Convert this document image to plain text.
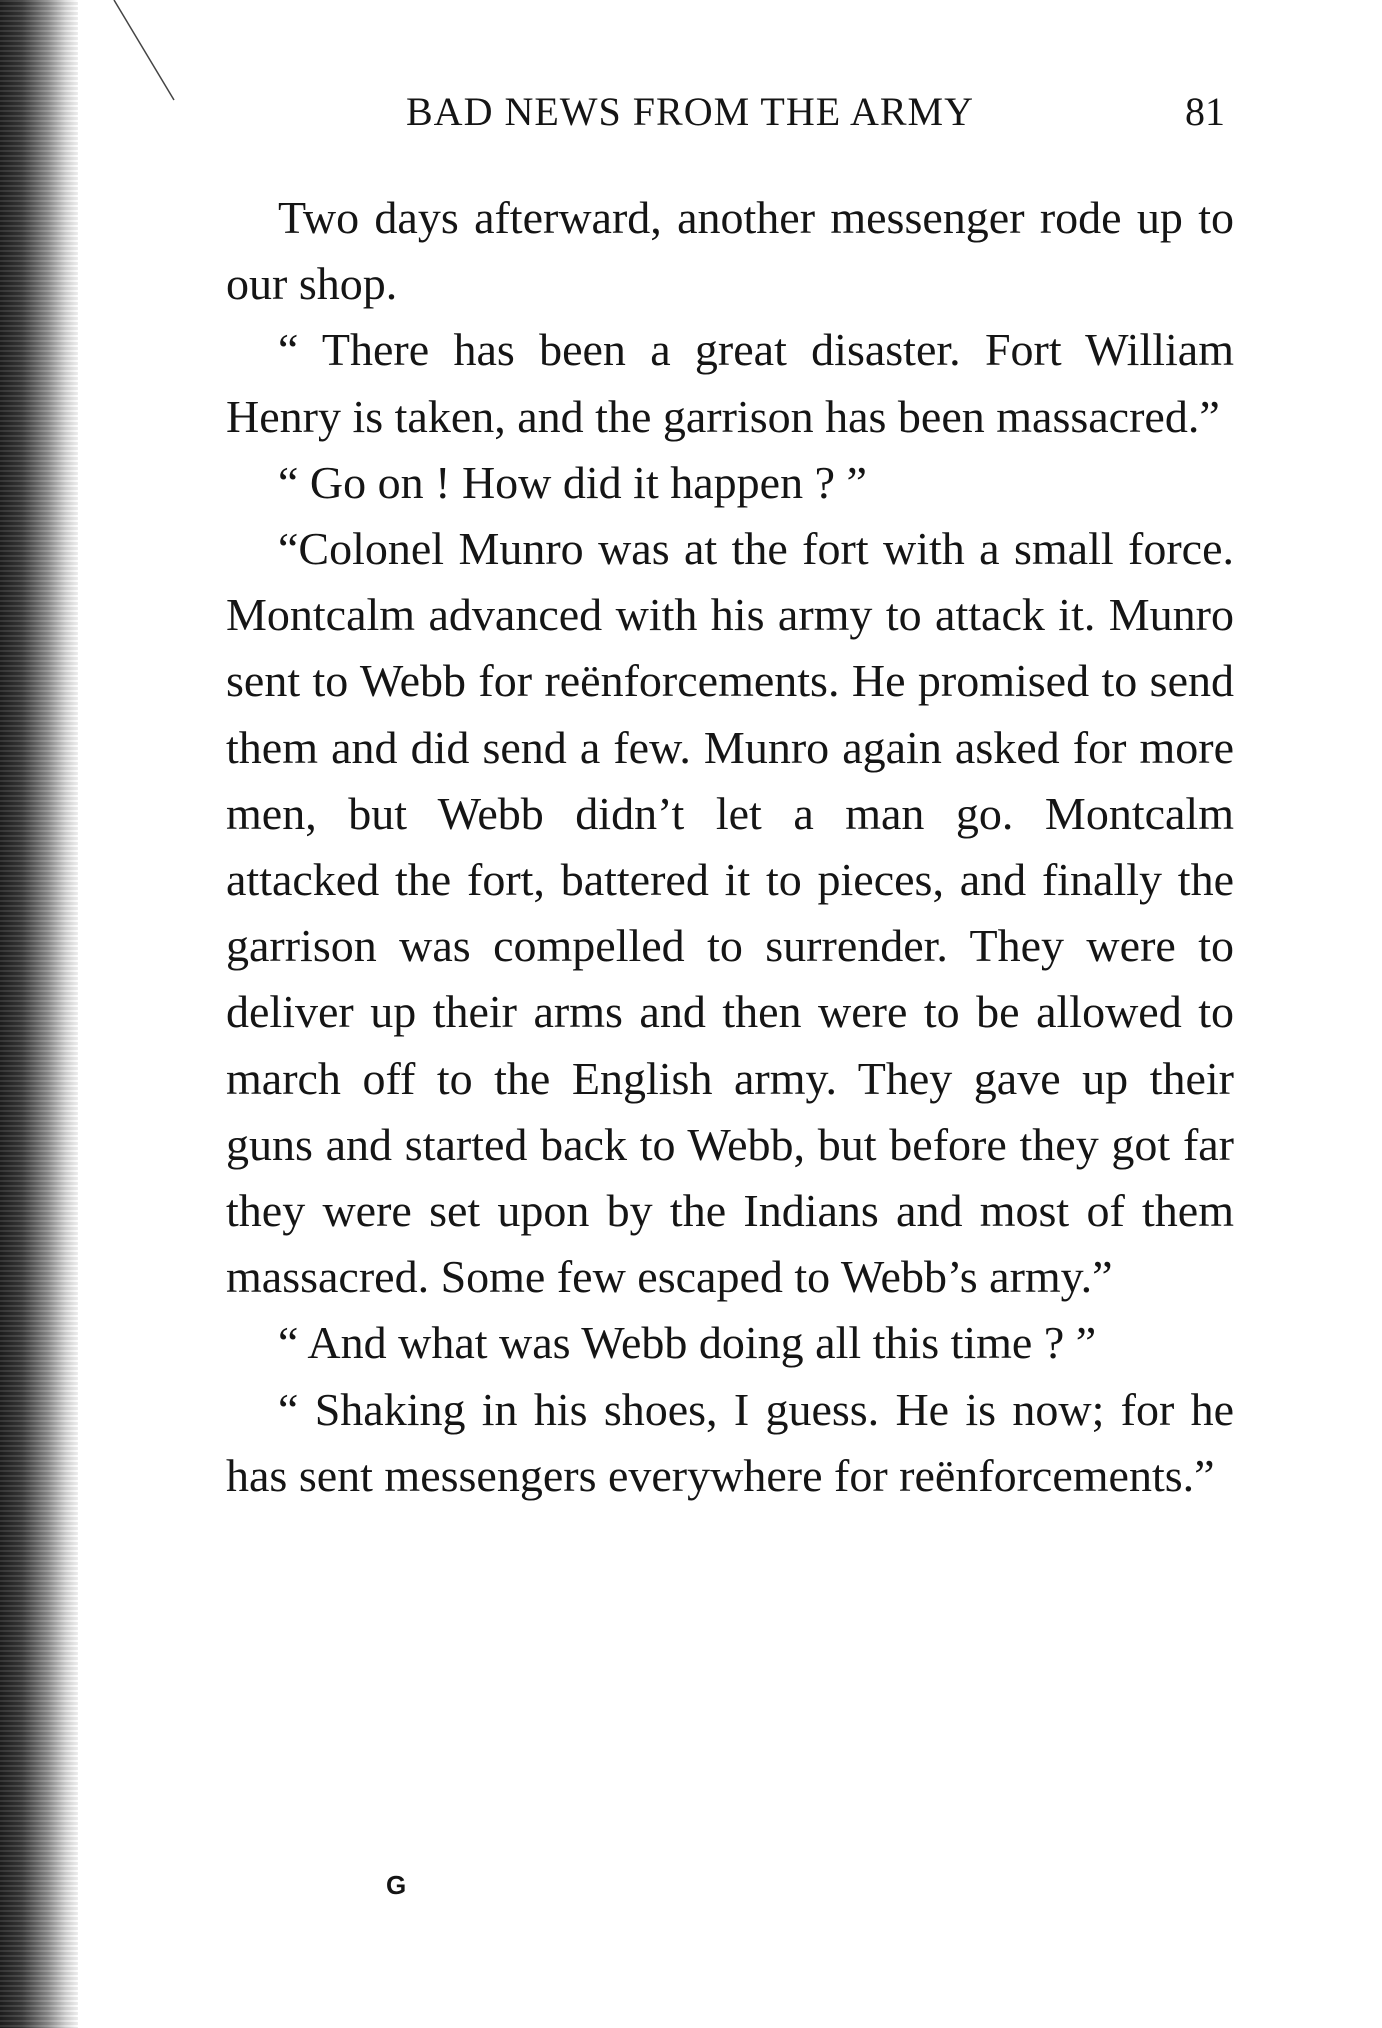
BAD NEWS FROM THE ARMY	81

Two days afterward, another messenger rode up to our shop.

“ There has been a great disaster. Fort William Henry is taken, and the garrison has been massacred.”

“ Go on ! How did it happen ? ”

“Colonel Munro was at the fort with a small force. Montcalm advanced with his army to attack it. Munro sent to Webb for reënforcements. He promised to send them and did send a few. Munro again asked for more men, but Webb didn’t let a man go. Montcalm attacked the fort, battered it to pieces, and finally the garrison was compelled to surrender. They were to deliver up their arms and then were to be allowed to march off to the English army. They gave up their guns and started back to Webb, but before they got far they were set upon by the Indians and most of them massacred. Some few escaped to Webb’s army.”

“ And what was Webb doing all this time ? ”

“ Shaking in his shoes, I guess. He is now; for he has sent messengers everywhere for reënforcements.”

G
